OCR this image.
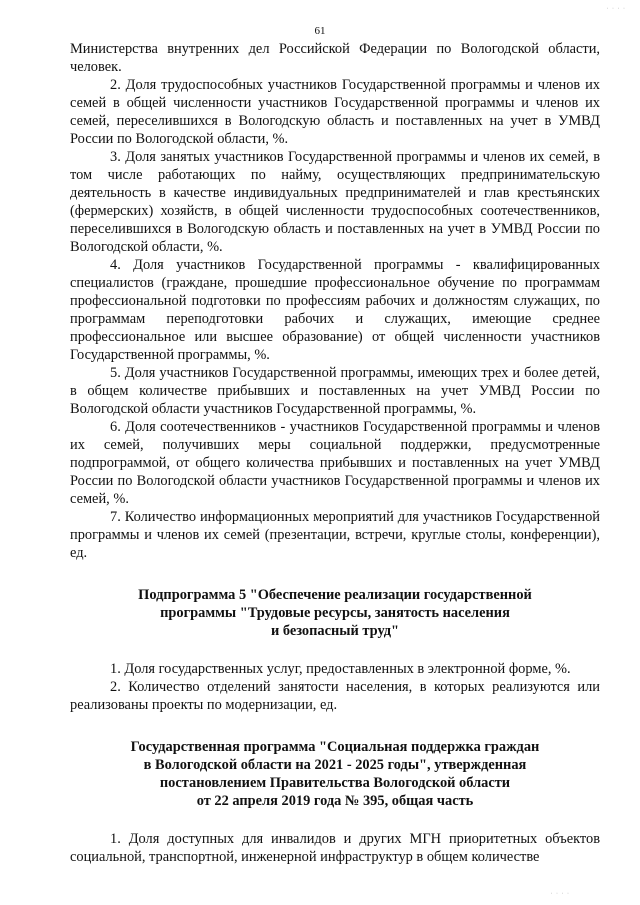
· · · ·
61

Министерства внутренних дел Российской Федерации по Вологодской области, человек.

2. Доля трудоспособных участников Государственной программы и членов их семей в общей численности участников Государственной программы и членов их семей, переселившихся в Вологодскую область и поставленных на учет в УМВД России по Вологодской области, %.

3. Доля занятых участников Государственной программы и членов их семей, в том числе работающих по найму, осуществляющих предпринимательскую деятельность в качестве индивидуальных предпринимателей и глав крестьянских (фермерских) хозяйств, в общей численности трудоспособных соотечественников, переселившихся в Вологодскую область и поставленных на учет в УМВД России по Вологодской области, %.

4. Доля участников Государственной программы - квалифицированных специалистов (граждане, прошедшие профессиональное обучение по программам профессиональной подготовки по профессиям рабочих и должностям служащих, по программам переподготовки рабочих и служащих, имеющие среднее профессиональное или высшее образование) от общей численности участников Государственной программы, %.

5. Доля участников Государственной программы, имеющих трех и более детей, в общем количестве прибывших и поставленных на учет УМВД России по Вологодской области участников Государственной программы, %.

6. Доля соотечественников - участников Государственной программы и членов их семей, получивших меры социальной поддержки, предусмотренные подпрограммой, от общего количества прибывших и поставленных на учет УМВД России по Вологодской области участников Государственной программы и членов их семей, %.

7. Количество информационных мероприятий для участников Государственной программы и членов их семей (презентации, встречи, круглые столы, конференции), ед.

Подпрограмма 5 "Обеспечение реализации государственной
программы "Трудовые ресурсы, занятость населения
и безопасный труд"

1. Доля государственных услуг, предоставленных в электронной форме, %.

2. Количество отделений занятости населения, в которых реализуются или реализованы проекты по модернизации, ед.

Государственная программа "Социальная поддержка граждан
в Вологодской области на 2021 - 2025 годы", утвержденная
постановлением Правительства Вологодской области
от 22 апреля 2019 года № 395, общая часть

1. Доля доступных для инвалидов и других МГН приоритетных объектов социальной, транспортной, инженерной инфраструктур в общем количестве

· · · ·
